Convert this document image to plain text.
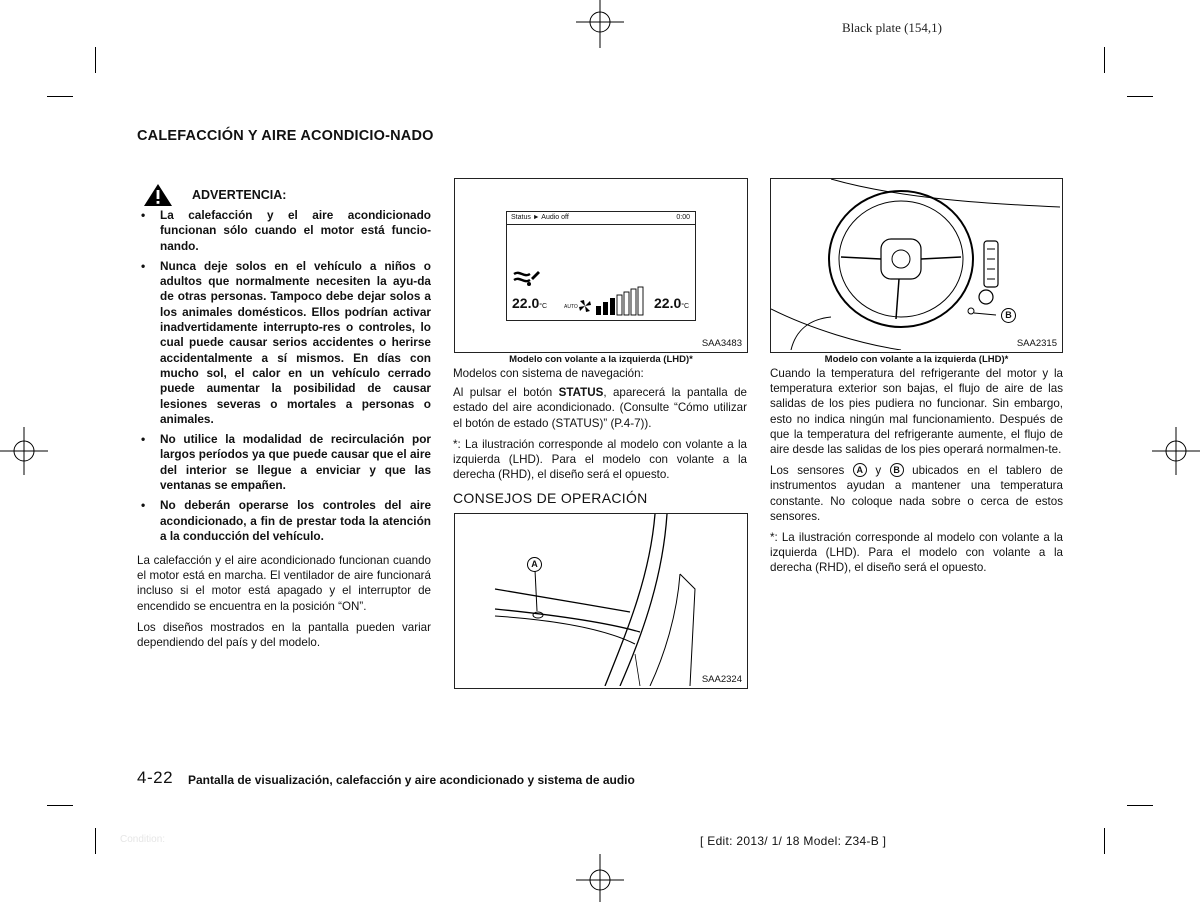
Black plate (154,1)
CALEFACCIÓN Y AIRE ACONDICIO-NADO
ADVERTENCIA:
• La calefacción y el aire acondicionado funcionan sólo cuando el motor está funcio-nando.
• Nunca deje solos en el vehículo a niños o adultos que normalmente necesiten la ayu-da de otras personas. Tampoco debe dejar solos a los animales domésticos. Ellos podrían activar inadvertidamente interrupto-res o controles, lo cual puede causar serios accidentes o herirse accidentalmente a sí mismos. En días con mucho sol, el calor en un vehículo cerrado puede aumentar la posibilidad de causar lesiones severas o mortales a personas o animales.
• No utilice la modalidad de recirculación por largos períodos ya que puede causar que el aire del interior se llegue a enviciar y que las ventanas se empañen.
• No deberán operarse los controles del aire acondicionado, a fin de prestar toda la atención a la conducción del vehículo.

La calefacción y el aire acondicionado funcionan cuando el motor está en marcha. El ventilador de aire funcionará incluso si el motor está apagado y el interruptor de encendido se encuentra en la posición “ON”.

Los diseños mostrados en la pantalla pueden variar dependiendo del país y del modelo.

Status ► Audio off	0:00
22.0°C	AUTO	22.0°C
SAA3483
Modelo con volante a la izquierda (LHD)*

Modelos con sistema de navegación:

Al pulsar el botón STATUS, aparecerá la pantalla de estado del aire acondicionado. (Consulte “Cómo utilizar el botón de estado (STATUS)” (P.4-7)).

*: La ilustración corresponde al modelo con volante a la izquierda (LHD). Para el modelo con volante a la derecha (RHD), el diseño será el opuesto.

CONSEJOS DE OPERACIÓN
A
SAA2324
B
SAA2315
Modelo con volante a la izquierda (LHD)*

Cuando la temperatura del refrigerante del motor y la temperatura exterior son bajas, el flujo de aire de las salidas de los pies pudiera no funcionar. Sin embargo, esto no indica ningún mal funcionamiento. Después de que la temperatura del refrigerante aumente, el flujo de aire desde las salidas de los pies operará normalmen-te.

Los sensores A y B ubicados en el tablero de instrumentos ayudan a mantener una temperatura constante. No coloque nada sobre o cerca de estos sensores.

*: La ilustración corresponde al modelo con volante a la izquierda (LHD). Para el modelo con volante a la derecha (RHD), el diseño será el opuesto.

4-22 Pantalla de visualización, calefacción y aire acondicionado y sistema de audio
Condition:	[ Edit: 2013/ 1/ 18 Model: Z34-B ]
